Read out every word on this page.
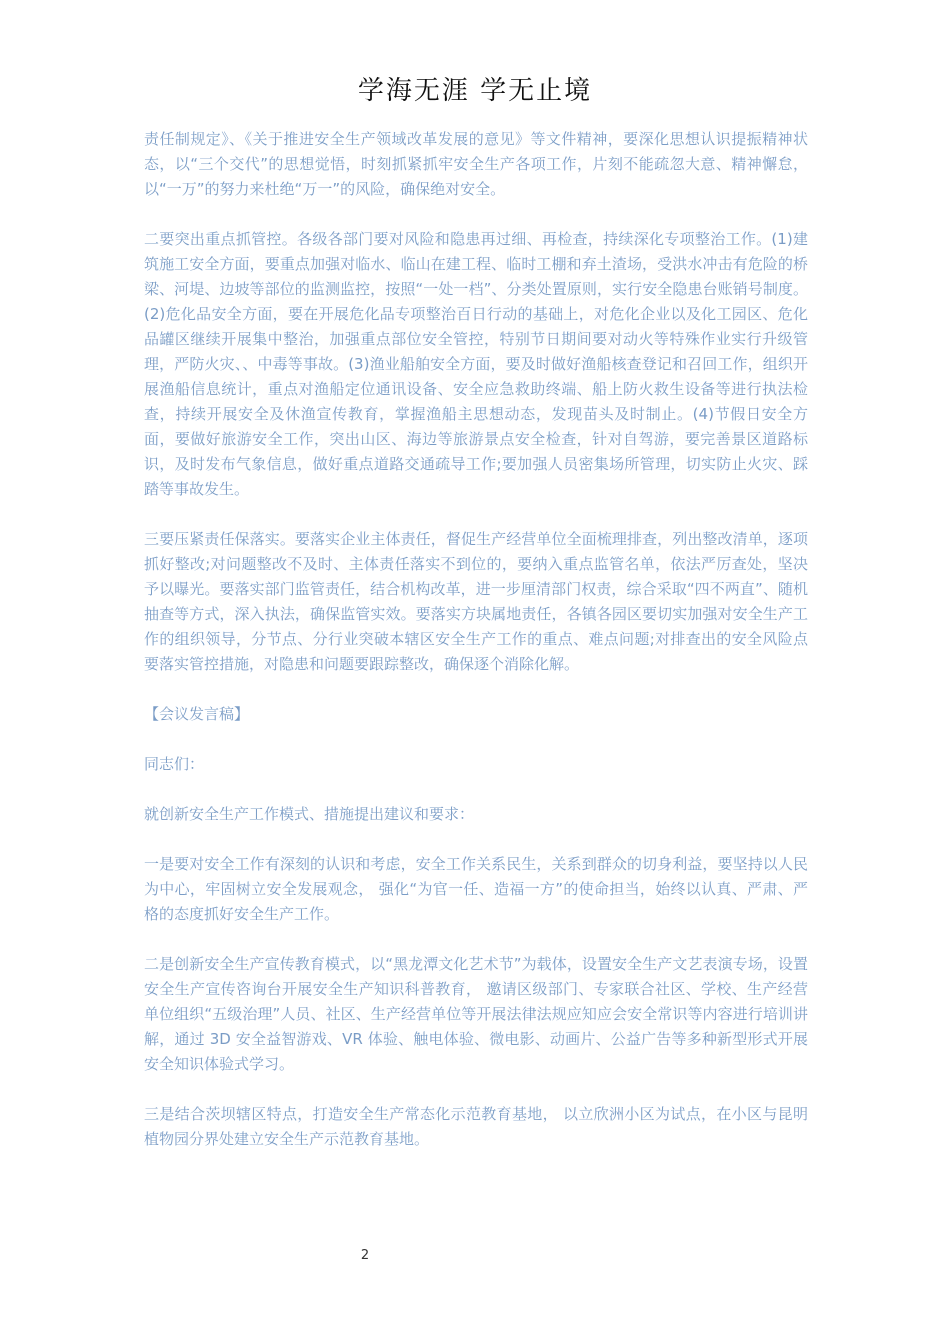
学海无涯 学无止境

责任制规定》、《关于推进安全生产领域改革发展的意见》等文件精神，要深化思想认识提振精神状态，以“三个交代”的思想觉悟，时刻抓紧抓牢安全生产各项工作，片刻不能疏忽大意、精神懈怠，以“一万”的努力来杜绝“万一”的风险，确保绝对安全。

二要突出重点抓管控。各级各部门要对风险和隐患再过细、再检查，持续深化专项整治工作。(1)建筑施工安全方面，要重点加强对临水、临山在建工程、临时工棚和弃土渣场，受洪水冲击有危险的桥梁、河堤、边坡等部位的监测监控，按照“一处一档”、分类处置原则，实行安全隐患台账销号制度。(2)危化品安全方面，要在开展危化品专项整治百日行动的基础上，对危化企业以及化工园区、危化品罐区继续开展集中整治，加强重点部位安全管控，特别节日期间要对动火等特殊作业实行升级管理，严防火灾、、中毒等事故。(3)渔业船舶安全方面，要及时做好渔船核查登记和召回工作，组织开展渔船信息统计，重点对渔船定位通讯设备、安全应急救助终端、船上防火救生设备等进行执法检查，持续开展安全及休渔宣传教育，掌握渔船主思想动态，发现苗头及时制止。(4)节假日安全方面，要做好旅游安全工作，突出山区、海边等旅游景点安全检查，针对自驾游，要完善景区道路标识，及时发布气象信息，做好重点道路交通疏导工作;要加强人员密集场所管理，切实防止火灾、踩踏等事故发生。

三要压紧责任保落实。要落实企业主体责任，督促生产经营单位全面梳理排查，列出整改清单，逐项抓好整改;对问题整改不及时、主体责任落实不到位的，要纳入重点监管名单，依法严厉查处，坚决予以曝光。要落实部门监管责任，结合机构改革，进一步厘清部门权责，综合采取“四不两直”、随机抽查等方式，深入执法，确保监管实效。要落实方块属地责任，各镇各园区要切实加强对安全生产工作的组织领导，分节点、分行业突破本辖区安全生产工作的重点、难点问题;对排查出的安全风险点要落实管控措施，对隐患和问题要跟踪整改，确保逐个消除化解。

【会议发言稿】

同志们：

就创新安全生产工作模式、措施提出建议和要求：

一是要对安全工作有深刻的认识和考虑，安全工作关系民生，关系到群众的切身利益，要坚持以人民为中心，牢固树立安全发展观念， 强化“为官一任、造福一方”的使命担当，始终以认真、严肃、严格的态度抓好安全生产工作。

二是创新安全生产宣传教育模式，以“黑龙潭文化艺术节”为载体，设置安全生产文艺表演专场，设置安全生产宣传咨询台开展安全生产知识科普教育， 邀请区级部门、专家联合社区、学校、生产经营单位组织“五级治理”人员、社区、生产经营单位等开展法律法规应知应会安全常识等内容进行培训讲解，通过 3D 安全益智游戏、VR 体验、触电体验、微电影、动画片、公益广告等多种新型形式开展安全知识体验式学习。

三是结合茨坝辖区特点，打造安全生产常态化示范教育基地， 以立欣洲小区为试点，在小区与昆明植物园分界处建立安全生产示范教育基地。

2
